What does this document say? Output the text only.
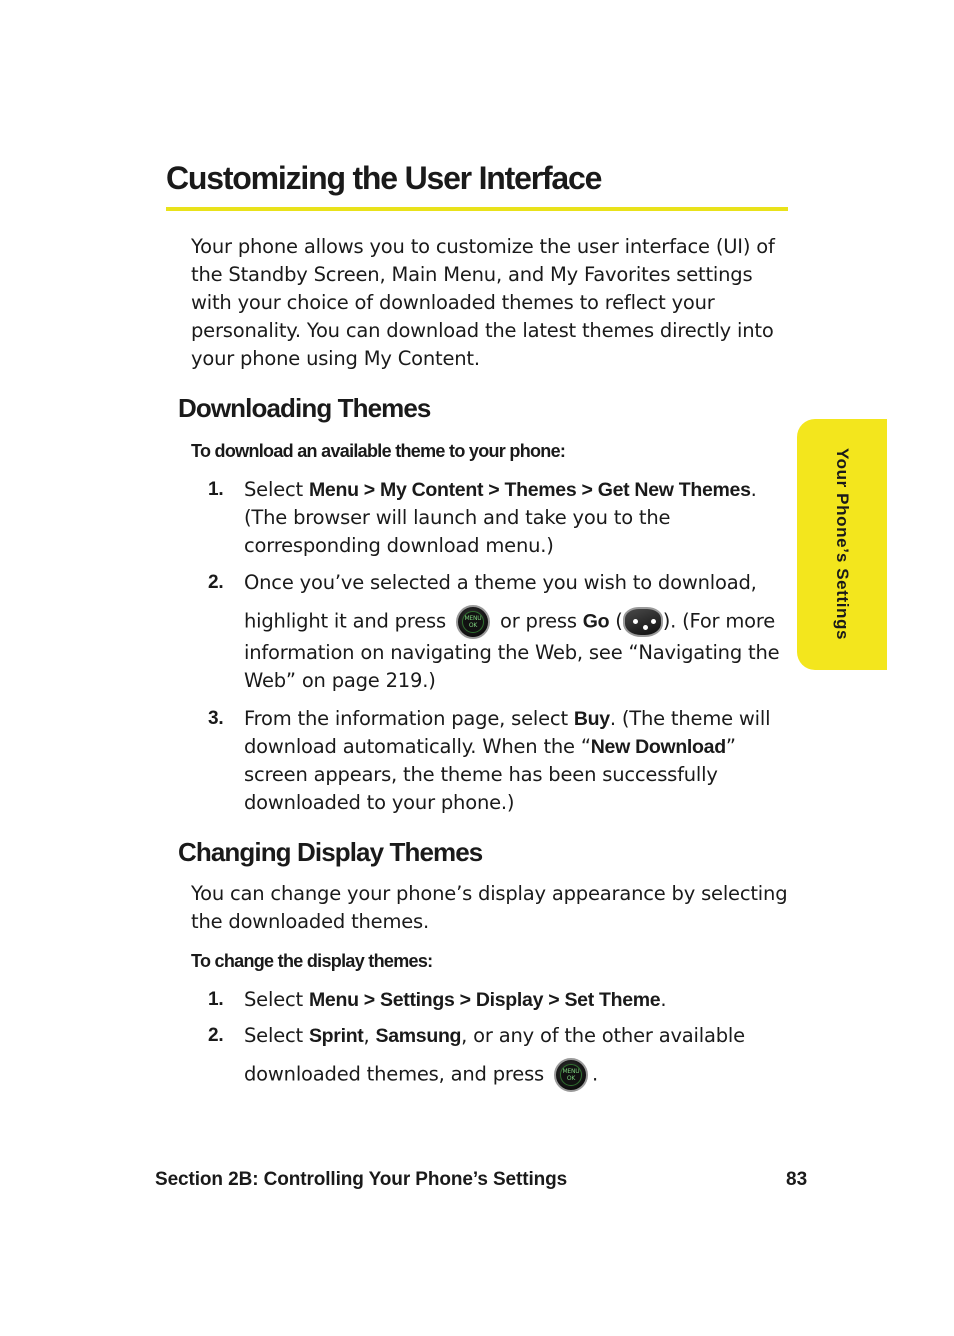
Customizing the User Interface

Your phone allows you to customize the user interface (UI) of the Standby Screen, Main Menu, and My Favorites settings with your choice of downloaded themes to reflect your personality. You can download the latest themes directly into your phone using My Content.

Downloading Themes

To download an available theme to your phone:

1. Select Menu > My Content > Themes > Get New Themes. (The browser will launch and take you to the corresponding download menu.)
2. Once you’ve selected a theme you wish to download,
highlight it and press	MENU OK or press Go ( ). (For more information on navigating the Web, see “Navigating the Web” on page 219.)
3. From the information page, select Buy. (The theme will download automatically. When the “New Download” screen appears, the theme has been successfully downloaded to your phone.)
Changing Display Themes

You can change your phone’s display appearance by selecting the downloaded themes.

To change the display themes:

1. Select Menu > Settings > Display > Set Theme.
2. Select Sprint, Samsung, or any of the other available
downloaded themes, and press	MENU OK .
Your Phone’s Settings
Section 2B: Controlling Your Phone’s Settings	83
